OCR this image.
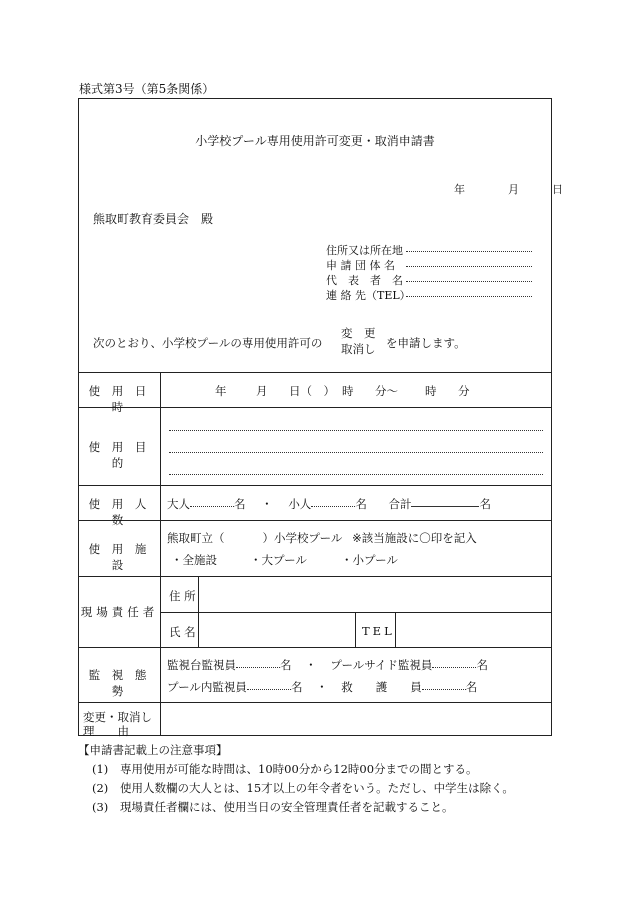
様式第3号（第5条関係）
小学校プール専用使用許可変更・取消申請書
年	月	日
熊取町教育委員会　殿
住所又は所在地
申 請 団 体 名
代　表　者　名
連 絡 先（TEL）
次のとおり、小学校プールの専用使用許可の
変　更
取消し を申請します。
使 用 日 時
年	月 日（　） 時 分〜 時 分
使 用 目 的
使 用 人 数
大人	名 ・ 小人	名 合計	名
使 用 施 設
熊取町立（	）小学校プール ※該当施設に〇印を記入
・全施設	・大プール	・小プール
現場責任者
住 所
氏 名	TEL
監 視 態 勢
監視台監視員	名 ・ プールサイド監視員	名
プール内監視員	名 ・ 救　　護　　員	名
変更・取消し
理　　由
【申請書記載上の注意事項】
(1) 専用使用が可能な時間は、10時00分から12時00分までの間とする。
(2) 使用人数欄の大人とは、15才以上の年令者をいう。ただし、中学生は除く。
(3) 現場責任者欄には、使用当日の安全管理責任者を記載すること。
